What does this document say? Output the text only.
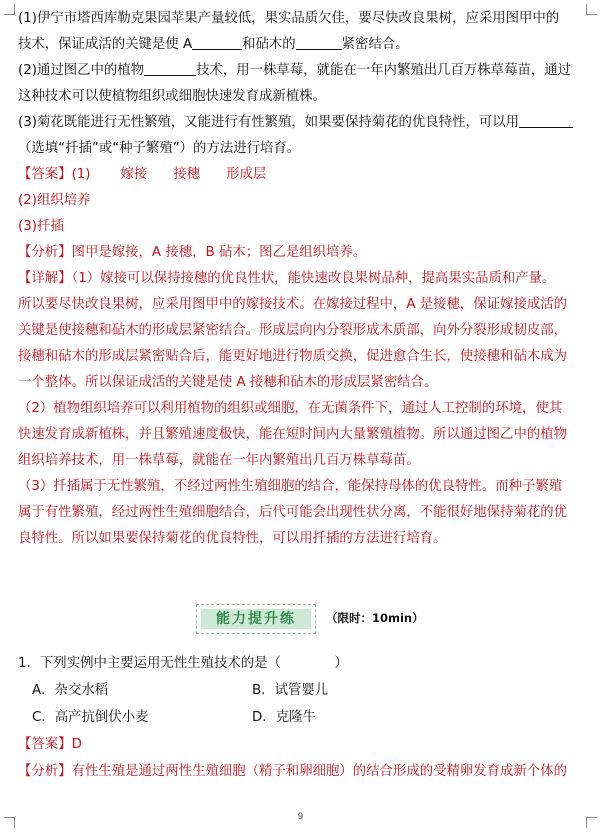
(1)伊宁市塔西库勒克果园苹果产量较低，果实品质欠佳，要尽快改良果树，应采用图甲中的
技术，保证成活的关键是使 A	和砧木的	紧密结合。

(2)通过图乙中的植物	技术，用一株草莓，就能在一年内繁殖出几百万株草莓苗，通过
这种技术可以使植物组织或细胞快速发育成新植株。

(3)菊花既能进行无性繁殖，又能进行有性繁殖，如果要保持菊花的优良特性，可以用
（选填“扦插”或“种子繁殖”）的方法进行培育。

【答案】(1) 嫁接 接穗 形成层

(2)组织培养

(3)扦插

【分析】图甲是嫁接，A 接穗，B 砧木；图乙是组织培养。

【详解】（1）嫁接可以保持接穗的优良性状，能快速改良果树品种，提高果实品质和产量。
所以要尽快改良果树，应采用图甲中的嫁接技术。在嫁接过程中，A 是接穗，保证嫁接成活的
关键是使接穗和砧木的形成层紧密结合。形成层向内分裂形成木质部，向外分裂形成韧皮部，
接穗和砧木的形成层紧密贴合后，能更好地进行物质交换，促进愈合生长，使接穗和砧木成为
一个整体。所以保证成活的关键是使 A 接穗和砧木的形成层紧密结合。
（2）植物组织培养可以利用植物的组织或细胞，在无菌条件下，通过人工控制的环境，使其
快速发育成新植株，并且繁殖速度极快，能在短时间内大量繁殖植物。所以通过图乙中的植物
组织培养技术，用一株草莓，就能在一年内繁殖出几百万株草莓苗。
（3）扦插属于无性繁殖，不经过两性生殖细胞的结合，能保持母体的优良特性。而种子繁殖
属于有性繁殖，经过两性生殖细胞结合，后代可能会出现性状分离，不能很好地保持菊花的优
良特性。所以如果要保持菊花的优良特性，可以用扦插的方法进行培育。

能力提升练	（限时：10min）
1．下列实例中主要运用无性生殖技术的是（　　　　）
A．杂交水稻	B．试管婴儿
C．高产抗倒伏小麦	D．克隆牛
【答案】D
【分析】有性生殖是通过两性生殖细胞（精子和卵细胞）的结合形成的受精卵发育成新个体的
9
